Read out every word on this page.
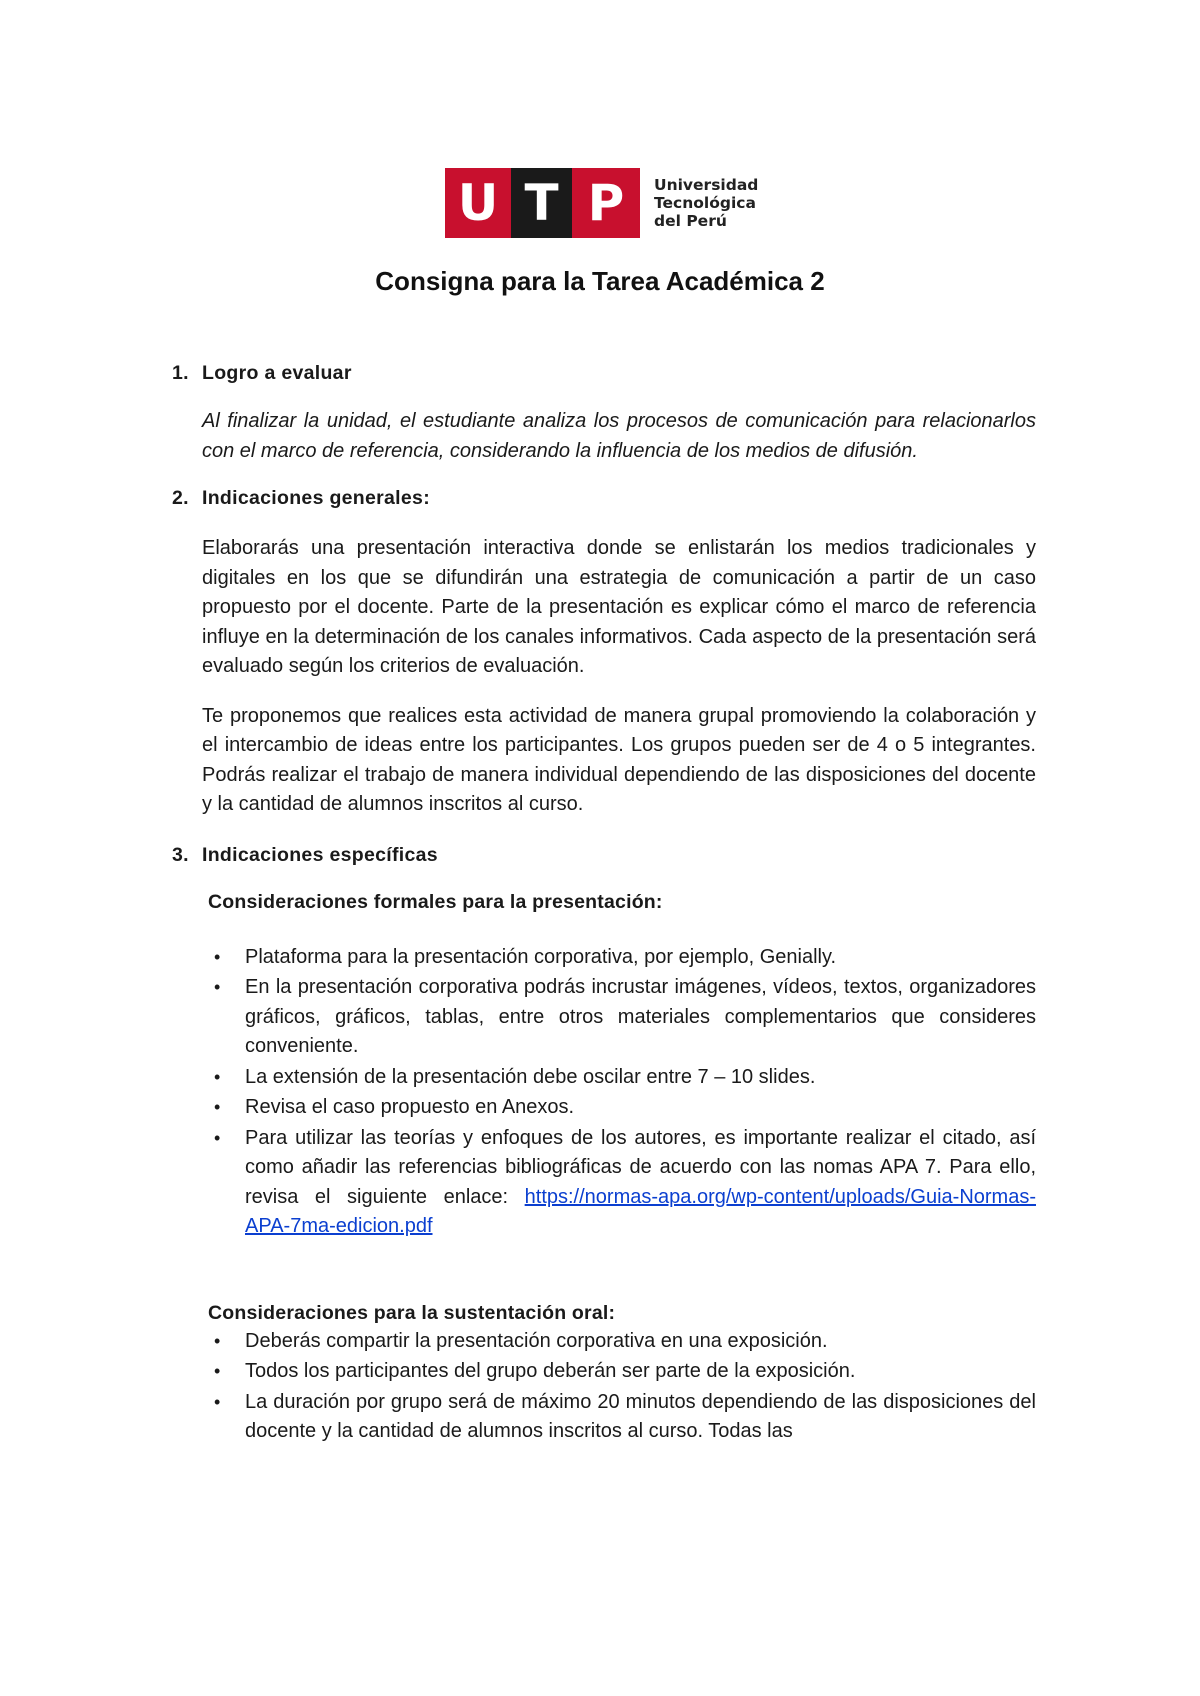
U T P	Universidad
Tecnológica
del Perú
Consigna para la Tarea Académica 2
1. Logro a evaluar

Al finalizar la unidad, el estudiante analiza los procesos de comunicación para relacionarlos con el marco de referencia, considerando la influencia de los medios de difusión.

2. Indicaciones generales:

Elaborarás una presentación interactiva donde se enlistarán los medios tradicionales y digitales en los que se difundirán una estrategia de comunicación a partir de un caso propuesto por el docente. Parte de la presentación es explicar cómo el marco de referencia influye en la determinación de los canales informativos. Cada aspecto de la presentación será evaluado según los criterios de evaluación.

Te proponemos que realices esta actividad de manera grupal promoviendo la colaboración y el intercambio de ideas entre los participantes. Los grupos pueden ser de 4 o 5 integrantes. Podrás realizar el trabajo de manera individual dependiendo de las disposiciones del docente y la cantidad de alumnos inscritos al curso.

3. Indicaciones específicas
Consideraciones formales para la presentación:
• Plataforma para la presentación corporativa, por ejemplo, Genially.
• En la presentación corporativa podrás incrustar imágenes, vídeos, textos, organizadores gráficos, gráficos, tablas, entre otros materiales complementarios que consideres conveniente.
• La extensión de la presentación debe oscilar entre 7 – 10 slides.
• Revisa el caso propuesto en Anexos.
• Para utilizar las teorías y enfoques de los autores, es importante realizar el citado, así como añadir las referencias bibliográficas de acuerdo con las nomas APA 7. Para ello, revisa el siguiente enlace: https://normas-apa.org/wp-content/uploads/Guia-Normas-APA-7ma-edicion.pdf
Consideraciones para la sustentación oral:
• Deberás compartir la presentación corporativa en una exposición.
• Todos los participantes del grupo deberán ser parte de la exposición.
• La duración por grupo será de máximo 20 minutos dependiendo de las disposiciones del docente y la cantidad de alumnos inscritos al curso. Todas las
